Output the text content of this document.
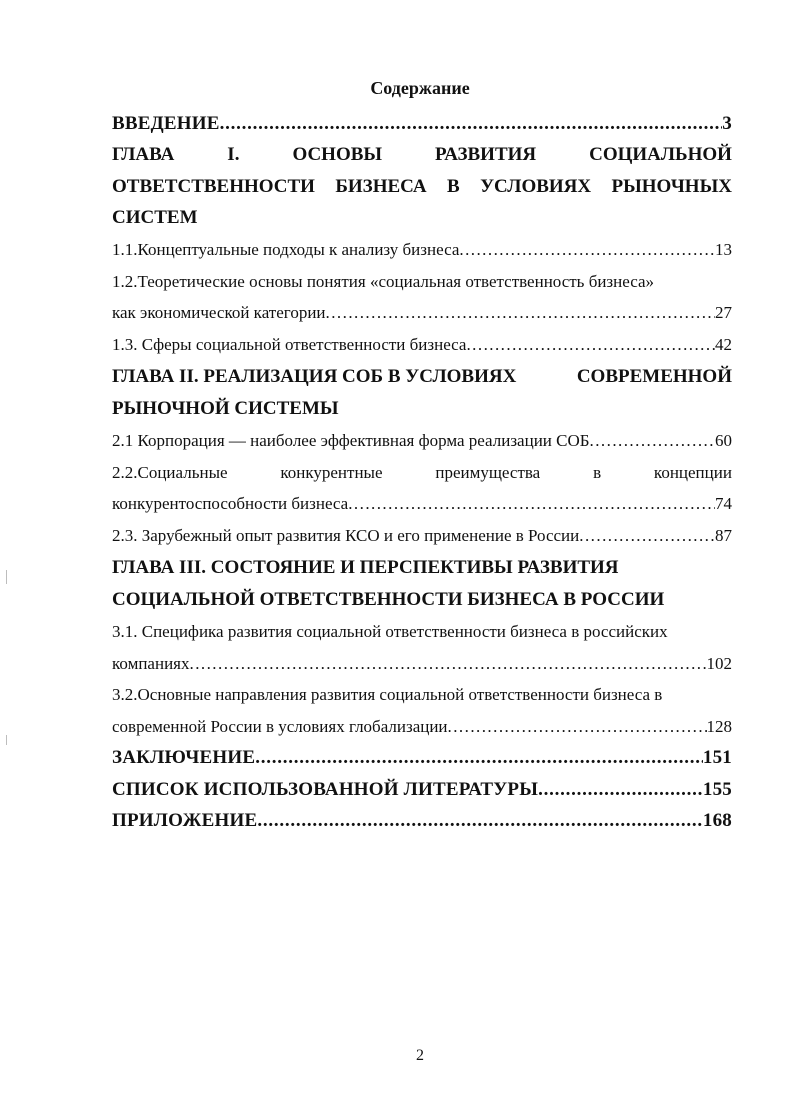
Содержание
ВВЕДЕНИЕ . . .	3
ГЛАВА	I.	ОСНОВЫ	РАЗВИТИЯ	СОЦИАЛЬНОЙ
ОТВЕТСТВЕННОСТИ БИЗНЕСА В УСЛОВИЯХ РЫНОЧНЫХ
СИСТЕМ
1.1.Концептуальные подходы к анализу бизнеса . . .	13
1.2.Теоретические основы понятия «социальная ответственность бизнеса»
как экономической категории . . .	27
1.3. Сферы социальной ответственности бизнеса . . .	42
ГЛАВА II. РЕАЛИЗАЦИЯ СОБ В УСЛОВИЯХ	СОВРЕМЕННОЙ
РЫНОЧНОЙ СИСТЕМЫ
2.1 Корпорация — наиболее эффективная форма реализации СОБ . . .	60
2.2.Социальные	конкурентные	преимущества	в	концепции
конкурентоспособности бизнеса . . .	74
2.3. Зарубежный опыт развития КСО и его применение в России . . .	87
ГЛАВА III. СОСТОЯНИЕ И ПЕРСПЕКТИВЫ РАЗВИТИЯ
СОЦИАЛЬНОЙ ОТВЕТСТВЕННОСТИ БИЗНЕСА В РОССИИ
3.1. Специфика развития социальной ответственности бизнеса в российских
компаниях . . .	102
3.2.Основные направления развития социальной ответственности бизнеса в
современной России в условиях глобализации . . .	128
ЗАКЛЮЧЕНИЕ . . .	151
СПИСОК ИСПОЛЬЗОВАННОЙ ЛИТЕРАТУРЫ . . .	155
ПРИЛОЖЕНИЕ . . .	168
2
